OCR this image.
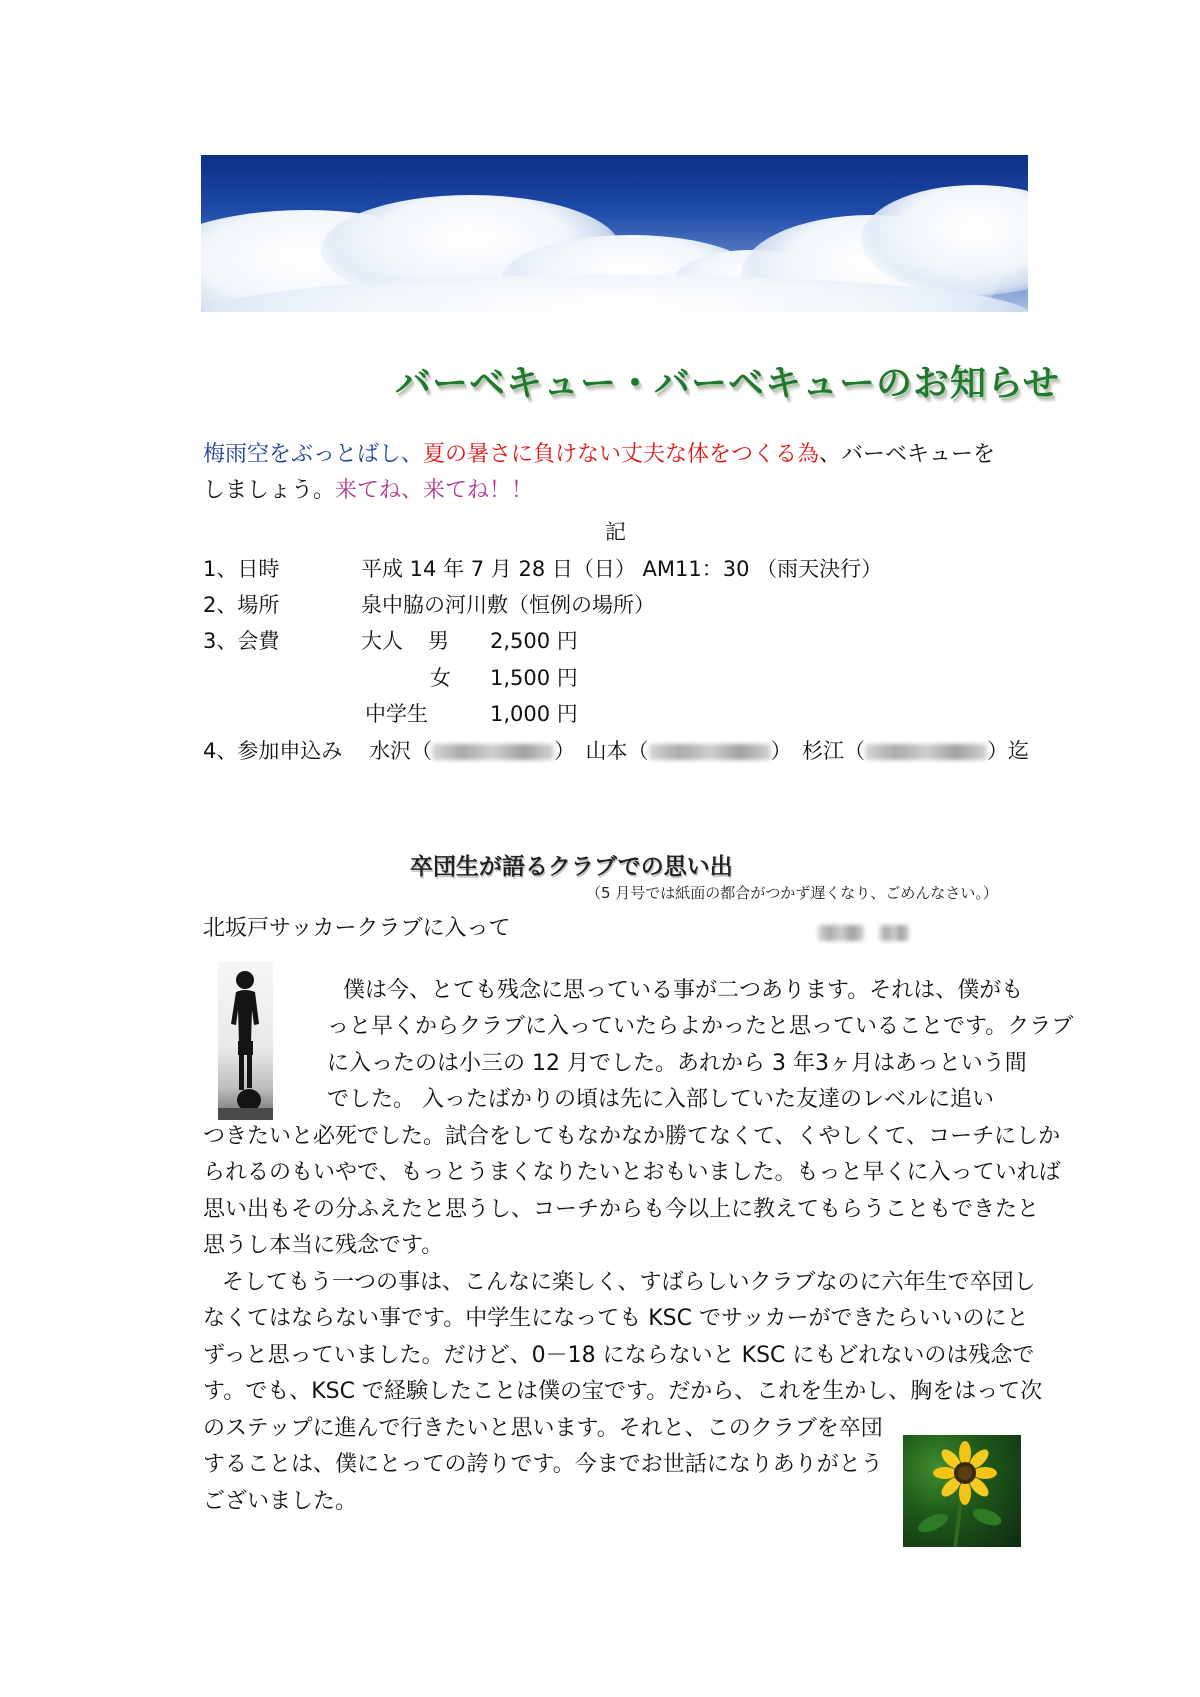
バーベキュー・バーベキューのお知らせ
梅雨空をぶっとばし、夏の暑さに負けない丈夫な体をつくる為、バーベキューを
しましょう。来てね、来てね！！
記
1、日時	平成 14 年 7 月 28 日（日） AM11：30 （雨天決行）
2、場所	泉中脇の河川敷（恒例の場所）
3、会費	大人 男 2,500 円
女 1,500 円
中学生	1,000 円
4、参加申込み 水沢（	）　山本（	）　杉江（	）迄
卒団生が語るクラブでの思い出
（5 月号では紙面の都合がつかず遅くなり、ごめんなさい。）
北坂戸サッカークラブに入って

僕は今、とても残念に思っている事が二つあります。それは、僕がも
っと早くからクラブに入っていたらよかったと思っていることです。クラブ
に入ったのは小三の 12 月でした。あれから 3 年3ヶ月はあっという間
でした。 入ったばかりの頃は先に入部していた友達のレベルに追い
つきたいと必死でした。試合をしてもなかなか勝てなくて、くやしくて、コーチにしか
られるのもいやで、もっとうまくなりたいとおもいました。もっと早くに入っていれば
思い出もその分ふえたと思うし、コーチからも今以上に教えてもらうこともできたと
思うし本当に残念です。
そしてもう一つの事は、こんなに楽しく、すばらしいクラブなのに六年生で卒団し
なくてはならない事です。中学生になっても KSC でサッカーができたらいいのにと
ずっと思っていました。だけど、0－18 にならないと KSC にもどれないのは残念で
す。でも、KSC で経験したことは僕の宝です。だから、これを生かし、胸をはって次
のステップに進んで行きたいと思います。それと、このクラブを卒団
することは、僕にとっての誇りです。今までお世話になりありがとう
ございました。
